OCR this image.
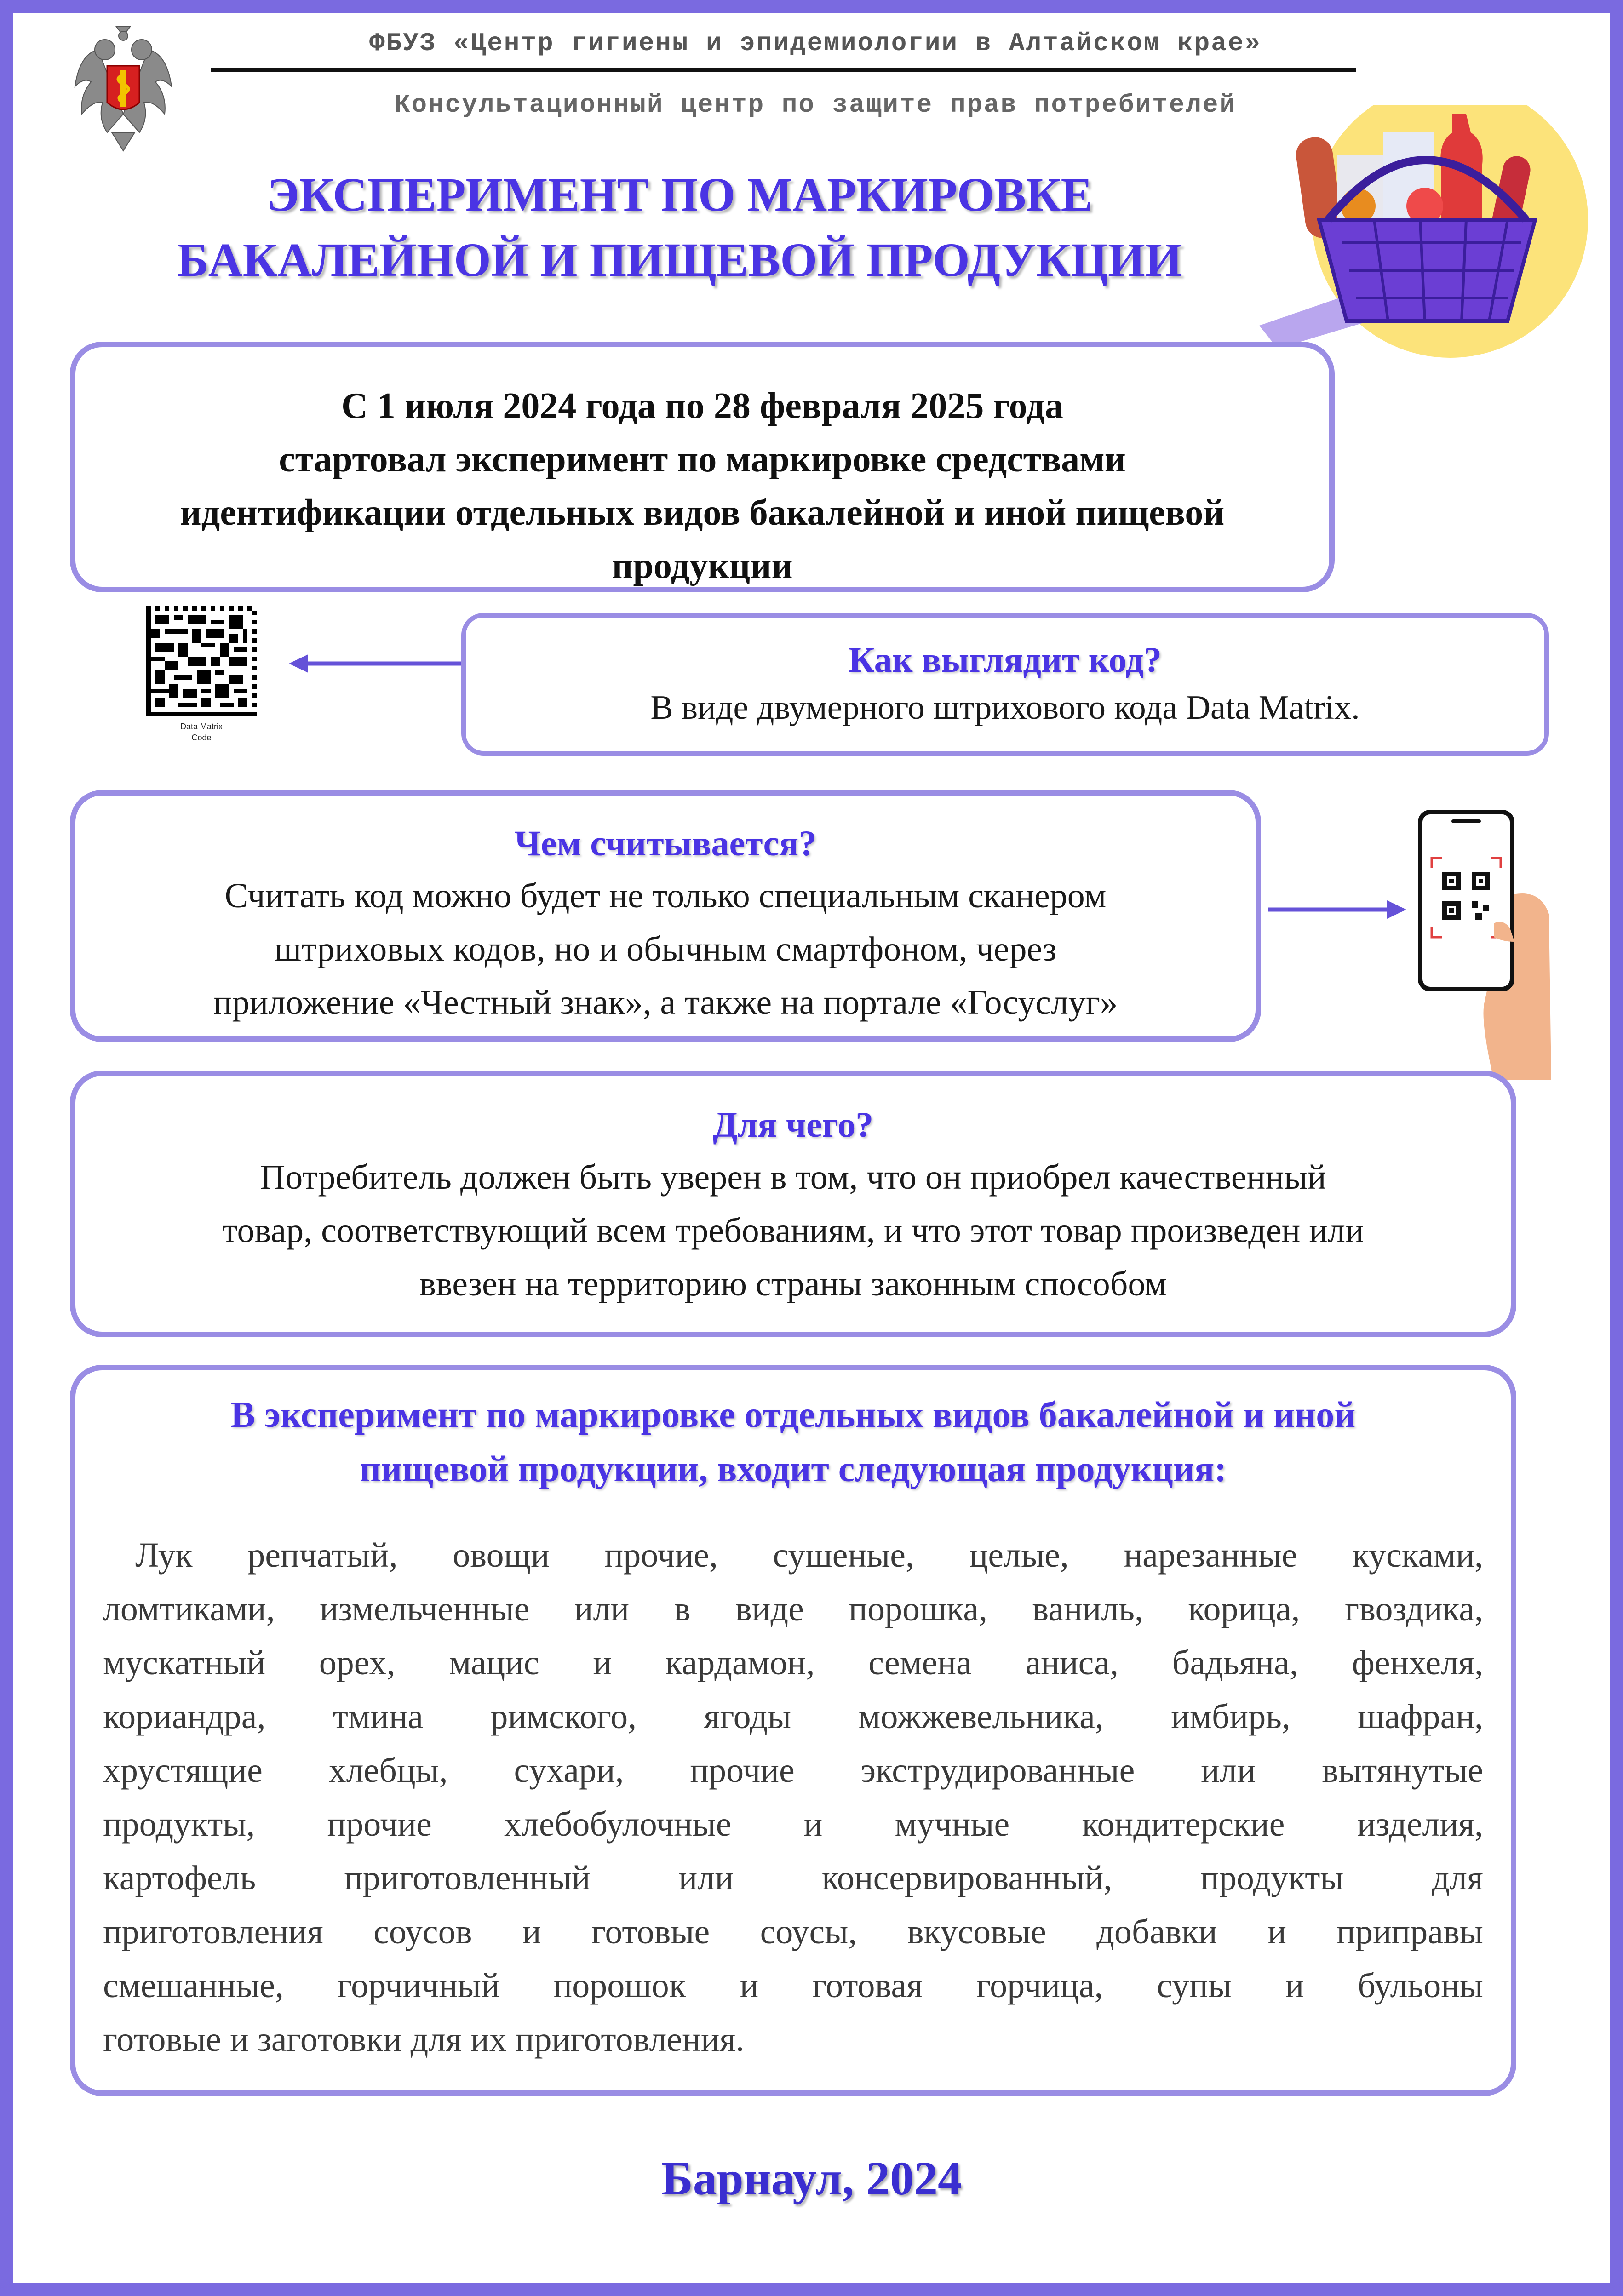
ФБУЗ «Центр гигиены и эпидемиологии в Алтайском крае»
Консультационный центр по защите прав потребителей
ЭКСПЕРИМЕНТ ПО МАРКИРОВКЕ
БАКАЛЕЙНОЙ И ПИЩЕВОЙ ПРОДУКЦИИ
С 1 июля 2024 года по 28 февраля 2025 года
стартовал эксперимент по маркировке средствами
идентификации отдельных видов бакалейной и иной пищевой
продукции
Data Matrix
Code
Как выглядит код?
В виде двумерного штрихового кода Data Matrix.
Чем считывается?
Считать код можно будет не только специальным сканером
штриховых кодов, но и обычным смартфоном, через
приложение «Честный знак», а также на портале «Госуслуг»
Для чего?
Потребитель должен быть уверен в том, что он приобрел качественный
товар, соответствующий всем требованиям, и что этот товар произведен или
ввезен на территорию страны законным способом
В эксперимент по маркировке отдельных видов бакалейной и иной
пищевой продукции, входит следующая продукция:
Лук репчатый, овощи прочие, сушеные, целые, нарезанные кусками,
ломтиками, измельченные или в виде порошка, ваниль, корица, гвоздика,
мускатный орех, мацис и кардамон, семена аниса, бадьяна, фенхеля,
кориандра, тмина римского, ягоды можжевельника, имбирь, шафран,
хрустящие хлебцы, сухари, прочие экструдированные или вытянутые
продукты, прочие хлебобулочные и мучные кондитерские изделия,
картофель приготовленный или консервированный, продукты для
приготовления соусов и готовые соусы, вкусовые добавки и приправы
смешанные, горчичный порошок и готовая горчица, супы и бульоны
готовые и заготовки для их приготовления.
Барнаул, 2024
